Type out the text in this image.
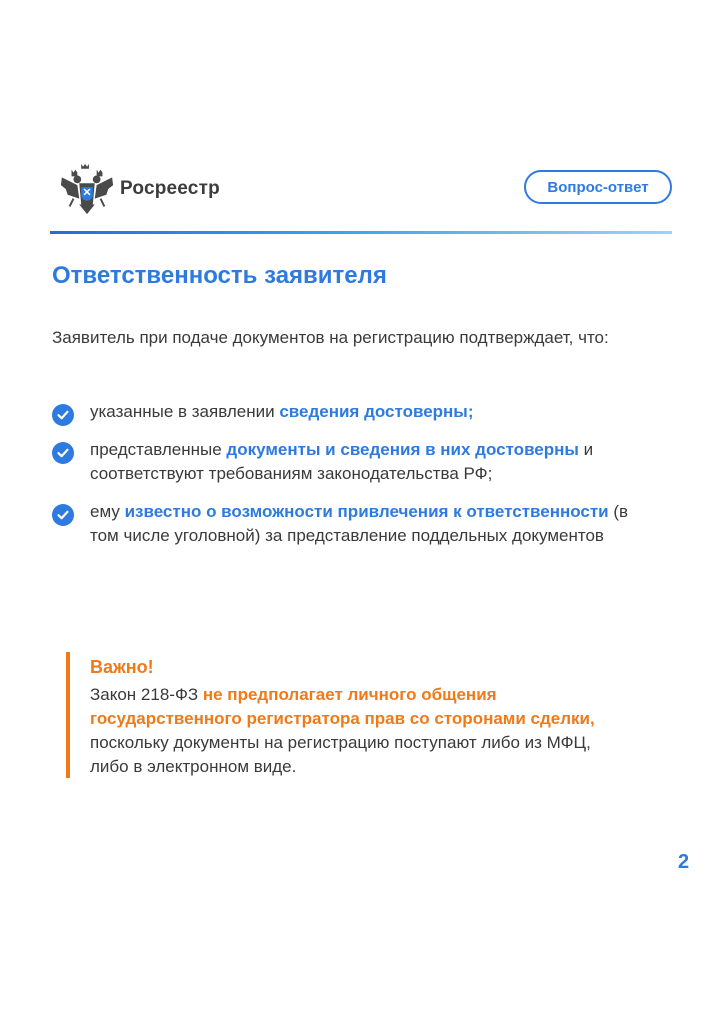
Росреестр	Вопрос-ответ
Ответственность заявителя
Заявитель при подаче документов на регистрацию подтверждает, что:
указанные в заявлении сведения достоверны;
представленные документы и сведения в них достоверны и соответствуют требованиям законодательства РФ;
ему известно о возможности привлечения к ответственности (в том числе уголовной) за представление поддельных документов
Важно!
Закон 218-ФЗ не предполагает личного общения государственного регистратора прав со сторонами сделки, поскольку документы на регистрацию поступают либо из МФЦ, либо в электронном виде.
2
